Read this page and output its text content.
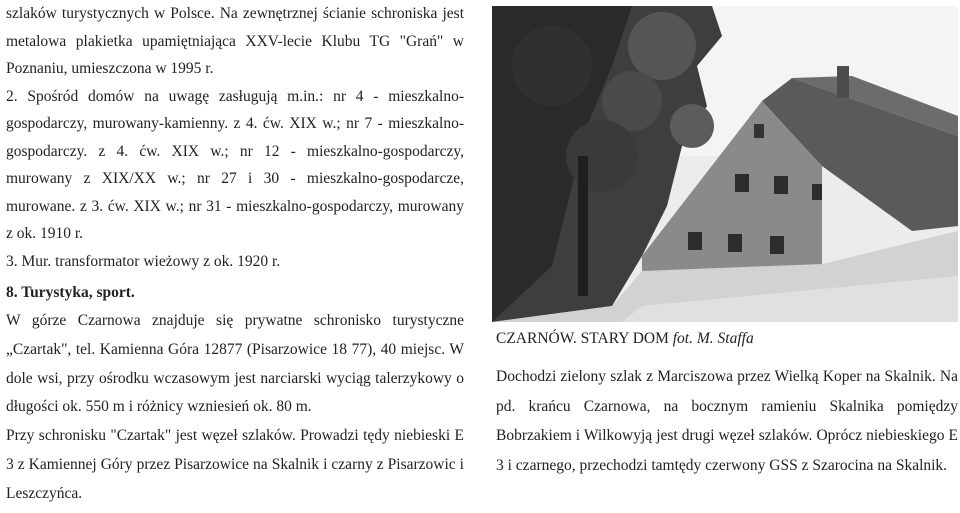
szlaków turystycznych w Polsce. Na zewnętrznej ścianie schroniska jest metalowa plakietka upamiętniająca XXV-lecie Klubu TG "Grań" w Poznaniu, umieszczona w 1995 r.

2. Spośród domów na uwagę zasługują m.in.: nr 4 - mieszkalno-gospodarczy, murowany-kamienny. z 4. ćw. XIX w.; nr 7 - mieszkalno-gospodarczy. z 4. ćw. XIX w.; nr 12 - mieszkalno-gospodarczy, murowany z XIX/XX w.; nr 27 i 30 - mieszkalno-gospodarcze, murowane. z 3. ćw. XIX w.; nr 31 - mieszkalno-gospodarczy, murowany z ok. 1910 r.

3. Mur. transformator wieżowy z ok. 1920 r.

8. Turystyka, sport.

W górze Czarnowa znajduje się prywatne schronisko turystyczne „Czartak", tel. Kamienna Góra 12877 (Pisarzowice 18 77), 40 miejsc. W dole wsi, przy ośrodku wczasowym jest narciarski wyciąg talerzykowy o długości ok. 550 m i różnicy wzniesień ok. 80 m.

Przy schronisku "Czartak" jest węzeł szlaków. Prowadzi tędy niebieski E 3 z Kamiennej Góry przez Pisarzowice na Skalnik i czarny z Pisarzowic i Leszczyńca.

CZARNÓW. STARY DOM fot. M. Staffa

Dochodzi zielony szlak z Marciszowa przez Wielką Koper na Skalnik. Na pd. krańcu Czarnowa, na bocznym ramieniu Skalnika pomiędzy Bobrzakiem i Wilkowyją jest drugi węzeł szlaków. Oprócz niebieskiego E 3 i czarnego, przechodzi tamtędy czerwony GSS z Szarocina na Skalnik.
